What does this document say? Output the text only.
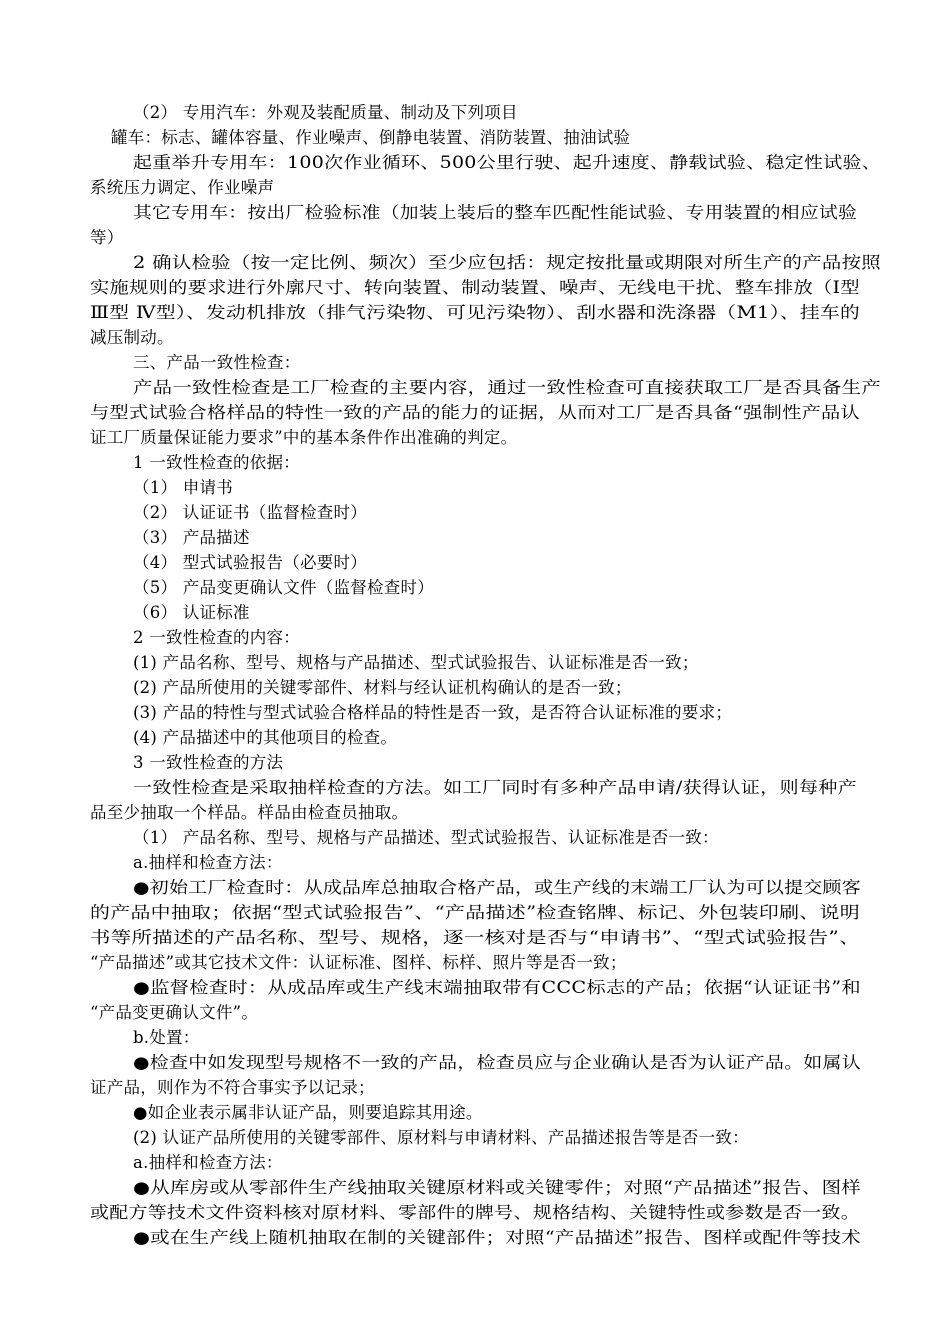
（2） 专用汽车：外观及装配质量、制动及下列项目
罐车：标志、罐体容量、作业噪声、倒静电装置、消防装置、抽油试验
起重举升专用车：100次作业循环、500公里行驶、起升速度、静载试验、稳定性试验、
系统压力调定、作业噪声
其它专用车：按出厂检验标准（加装上装后的整车匹配性能试验、专用装置的相应试验
等）
2 确认检验（按一定比例、频次）至少应包括：规定按批量或期限对所生产的产品按照
实施规则的要求进行外廓尺寸、转向装置、制动装置、噪声、无线电干扰、整车排放（Ⅰ型
Ⅲ型 Ⅳ型）、发动机排放（排气污染物、可见污染物）、刮水器和洗涤器（M1）、挂车的
减压制动。
三、产品一致性检查：
产品一致性检查是工厂检查的主要内容，通过一致性检查可直接获取工厂是否具备生产
与型式试验合格样品的特性一致的产品的能力的证据，从而对工厂是否具备“强制性产品认
证工厂质量保证能力要求”中的基本条件作出准确的判定。
1 一致性检查的依据：
（1） 申请书
（2） 认证证书（监督检查时）
（3） 产品描述
（4） 型式试验报告（必要时）
（5） 产品变更确认文件（监督检查时）
（6） 认证标准
2 一致性检查的内容：
(1) 产品名称、型号、规格与产品描述、型式试验报告、认证标准是否一致；
(2) 产品所使用的关键零部件、材料与经认证机构确认的是否一致；
(3) 产品的特性与型式试验合格样品的特性是否一致，是否符合认证标准的要求；
(4) 产品描述中的其他项目的检查。
3 一致性检查的方法
一致性检查是采取抽样检查的方法。如工厂同时有多种产品申请/获得认证，则每种产
品至少抽取一个样品。样品由检查员抽取。
（1） 产品名称、型号、规格与产品描述、型式试验报告、认证标准是否一致：
a.抽样和检查方法：
●初始工厂检查时：从成品库总抽取合格产品，或生产线的末端工厂认为可以提交顾客
的产品中抽取；依据“型式试验报告”、“产品描述”检查铭牌、标记、外包装印刷、说明
书等所描述的产品名称、型号、规格，逐一核对是否与“申请书”、“型式试验报告”、
“产品描述”或其它技术文件：认证标准、图样、标样、照片等是否一致；
●监督检查时：从成品库或生产线末端抽取带有CCC标志的产品；依据“认证证书”和
“产品变更确认文件”。
b.处置：
●检查中如发现型号规格不一致的产品，检查员应与企业确认是否为认证产品。如属认
证产品，则作为不符合事实予以记录；
●如企业表示属非认证产品，则要追踪其用途。
(2) 认证产品所使用的关键零部件、原材料与申请材料、产品描述报告等是否一致：
a.抽样和检查方法：
●从库房或从零部件生产线抽取关键原材料或关键零件；对照“产品描述”报告、图样
或配方等技术文件资料核对原材料、零部件的牌号、规格结构、关键特性或参数是否一致。
●或在生产线上随机抽取在制的关键部件；对照“产品描述”报告、图样或配件等技术
